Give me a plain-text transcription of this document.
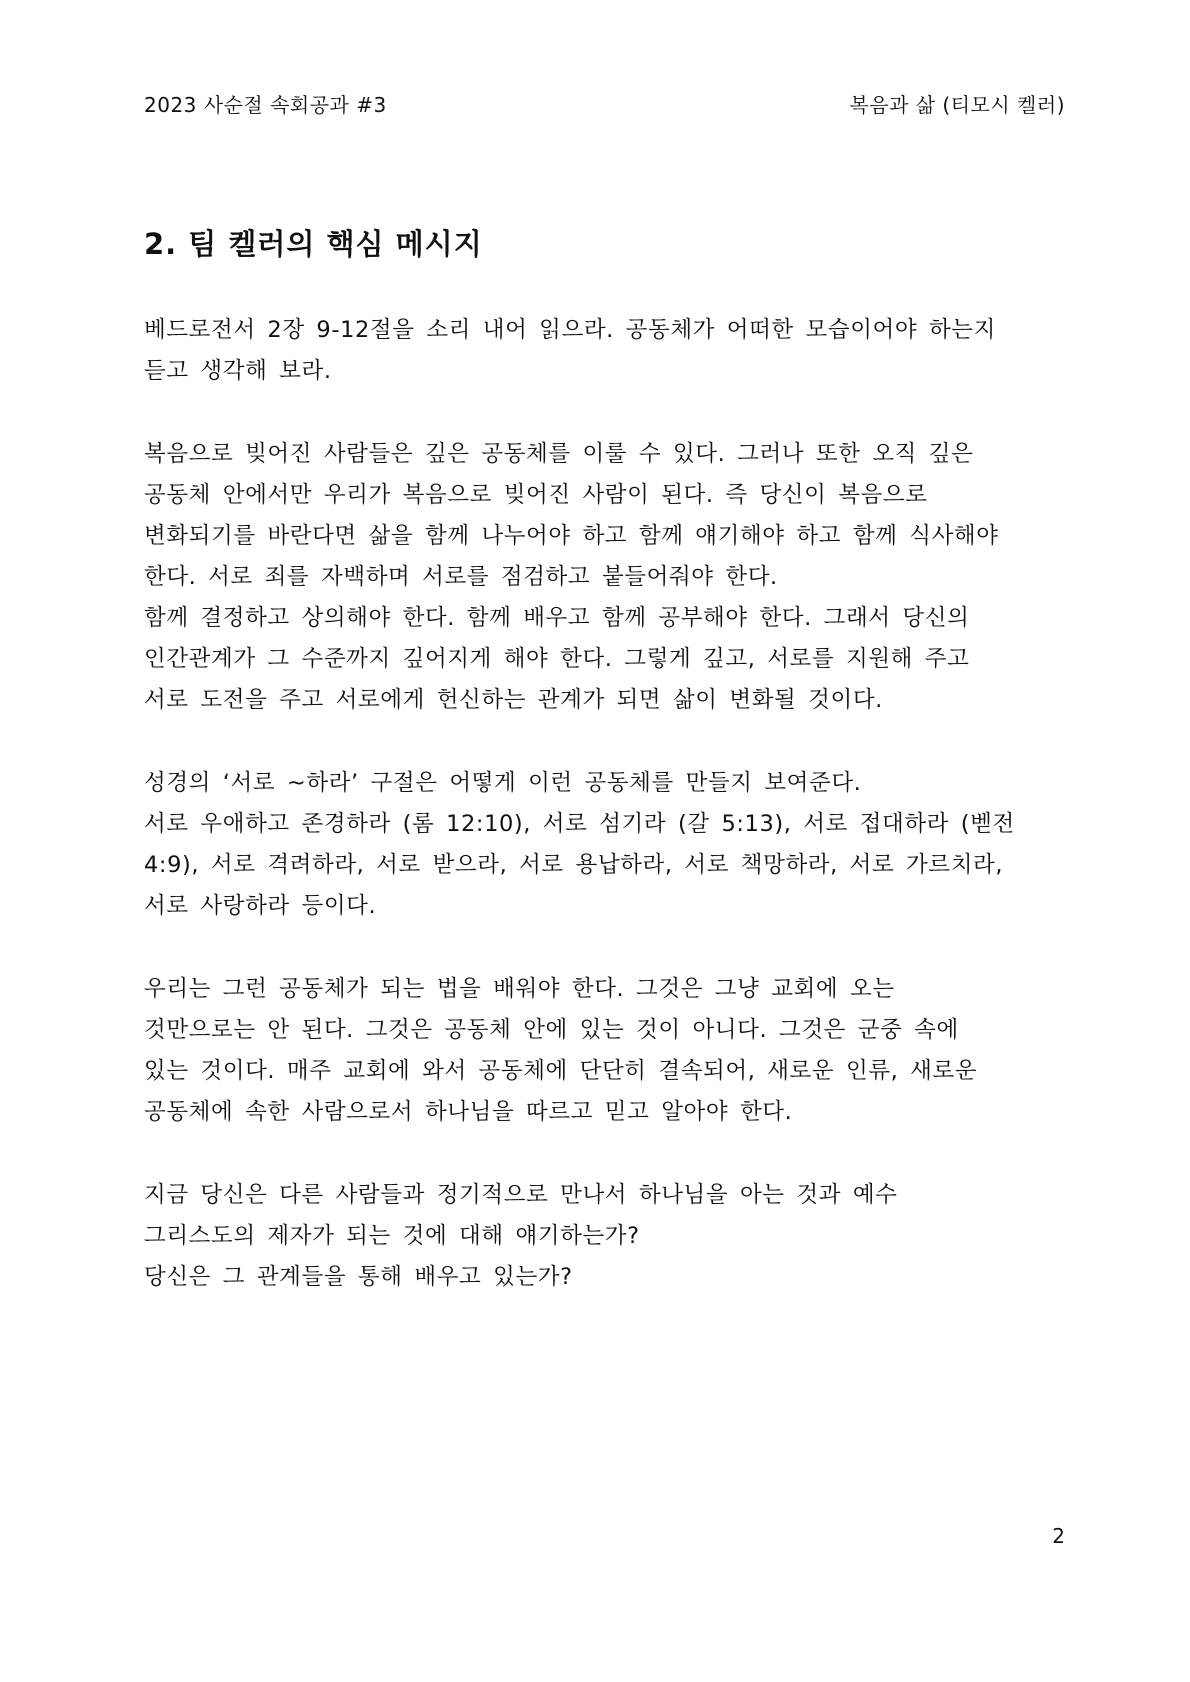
2023 사순절 속회공과 #3	복음과 삶 (티모시 켈러)
2. 팀 켈러의 핵심 메시지
베드로전서 2장 9-12절을 소리 내어 읽으라. 공동체가 어떠한 모습이어야 하는지
듣고 생각해 보라.
복음으로 빚어진 사람들은 깊은 공동체를 이룰 수 있다. 그러나 또한 오직 깊은
공동체 안에서만 우리가 복음으로 빚어진 사람이 된다. 즉 당신이 복음으로
변화되기를 바란다면 삶을 함께 나누어야 하고 함께 얘기해야 하고 함께 식사해야
한다. 서로 죄를 자백하며 서로를 점검하고 붙들어줘야 한다.
함께 결정하고 상의해야 한다. 함께 배우고 함께 공부해야 한다. 그래서 당신의
인간관계가 그 수준까지 깊어지게 해야 한다. 그렇게 깊고, 서로를 지원해 주고
서로 도전을 주고 서로에게 헌신하는 관계가 되면 삶이 변화될 것이다.
성경의 ‘서로 ~하라’ 구절은 어떻게 이런 공동체를 만들지 보여준다.
서로 우애하고 존경하라 (롬 12:10), 서로 섬기라 (갈 5:13), 서로 접대하라 (벧전
4:9), 서로 격려하라, 서로 받으라, 서로 용납하라, 서로 책망하라, 서로 가르치라,
서로 사랑하라 등이다.
우리는 그런 공동체가 되는 법을 배워야 한다. 그것은 그냥 교회에 오는
것만으로는 안 된다. 그것은 공동체 안에 있는 것이 아니다. 그것은 군중 속에
있는 것이다. 매주 교회에 와서 공동체에 단단히 결속되어, 새로운 인류, 새로운
공동체에 속한 사람으로서 하나님을 따르고 믿고 알아야 한다.
지금 당신은 다른 사람들과 정기적으로 만나서 하나님을 아는 것과 예수
그리스도의 제자가 되는 것에 대해 얘기하는가?
당신은 그 관계들을 통해 배우고 있는가?
2
